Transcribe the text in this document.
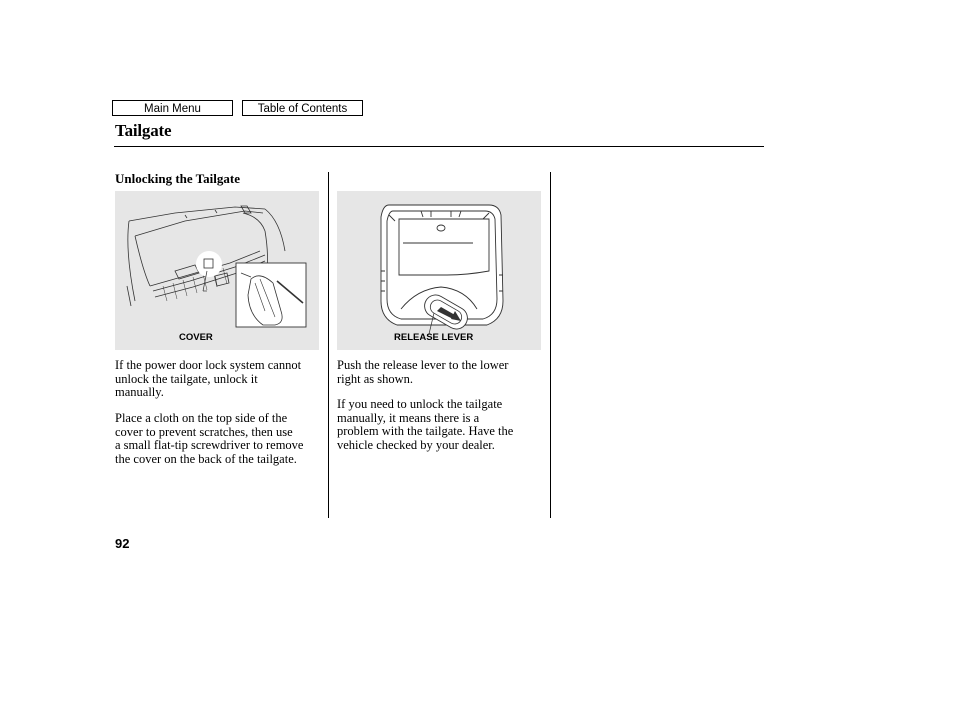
Main Menu	Table of Contents
Tailgate
Unlocking the Tailgate
COVER	RELEASE LEVER

If the power door lock system cannot
unlock the tailgate, unlock it
manually.

Place a cloth on the top side of the
cover to prevent scratches, then use
a small flat-tip screwdriver to remove
the cover on the back of the tailgate.

Push the release lever to the lower
right as shown.

If you need to unlock the tailgate
manually, it means there is a
problem with the tailgate. Have the
vehicle checked by your dealer.

92
